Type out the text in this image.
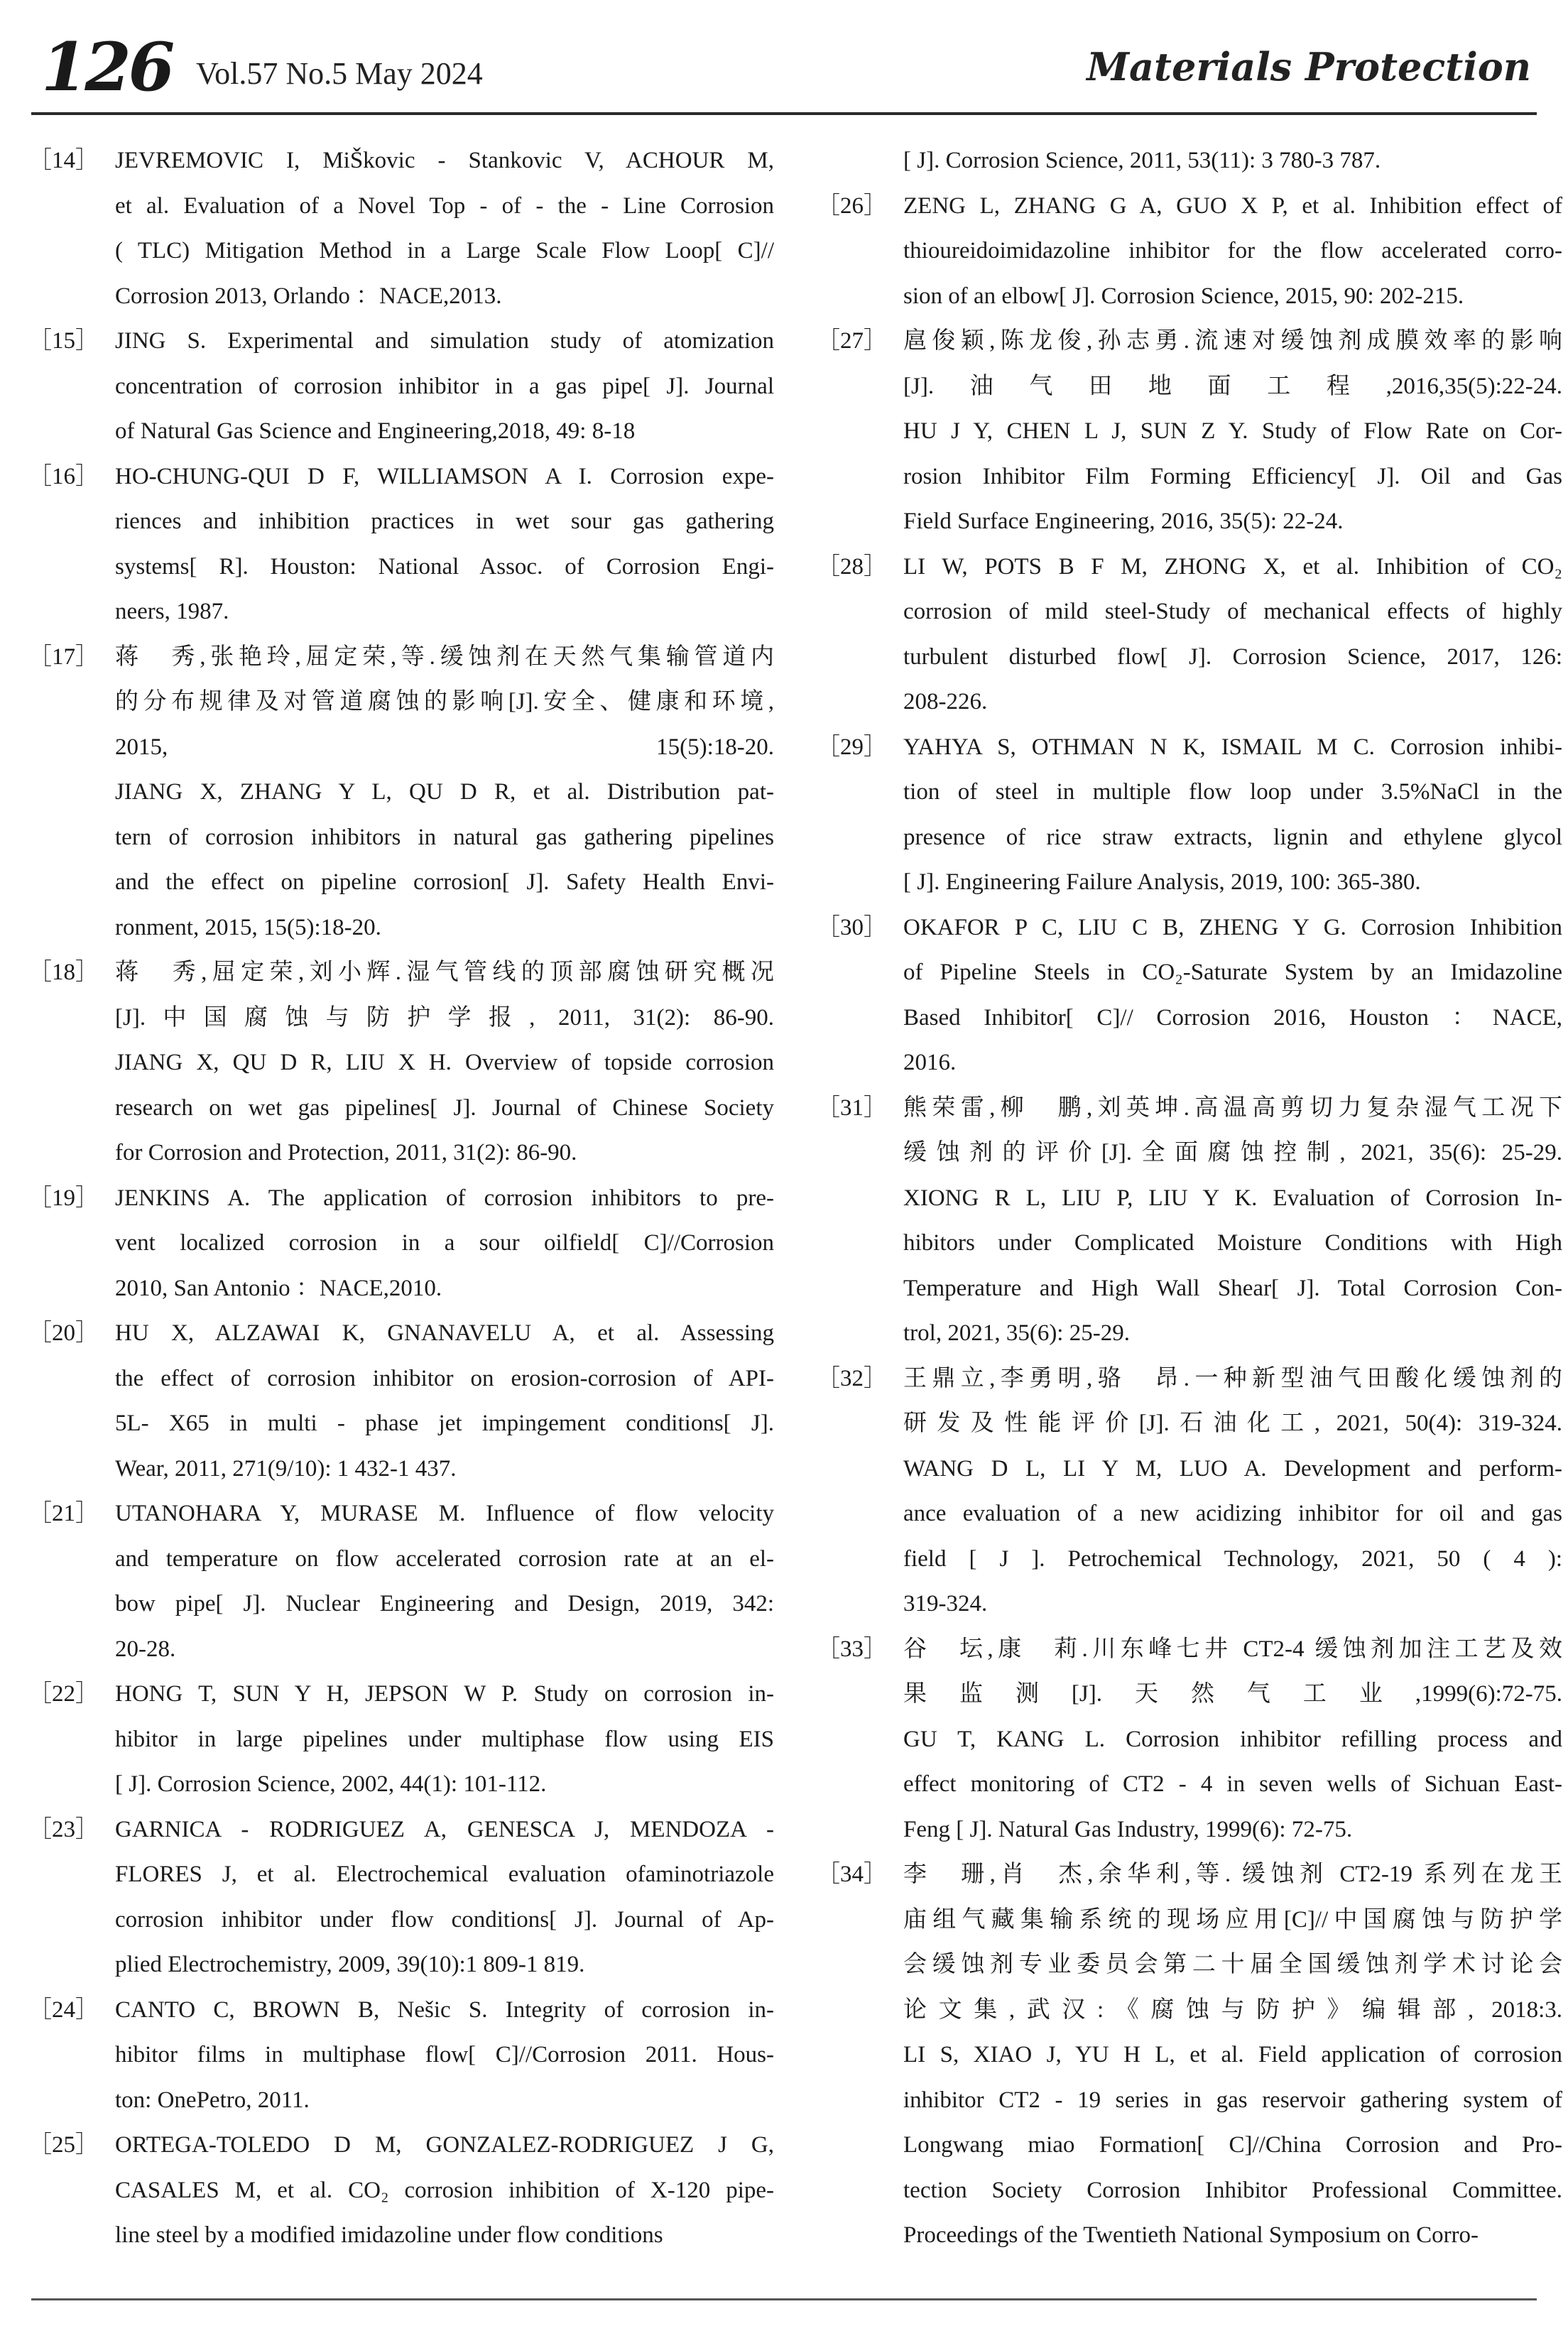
126 Vol.57 No.5 May 2024	Materials Protection
［14］ JEVREMOVIC I, MiŠkovic - Stankovic V, ACHOUR M,
et al. Evaluation of a Novel Top - of - the - Line Corrosion
( TLC) Mitigation Method in a Large Scale Flow Loop[ C]//
Corrosion 2013, Orlando ：NACE,2013.
［15］ JING S. Experimental and simulation study of atomization
concentration of corrosion inhibitor in a gas pipe[ J]. Journal
of Natural Gas Science and Engineering,2018, 49: 8-18
［16］ HO-CHUNG-QUI D F, WILLIAMSON A I. Corrosion expe-
riences and inhibition practices in wet sour gas gathering
systems[ R]. Houston: National Assoc. of Corrosion Engi-
neers, 1987.
［17］ 蒋　秀,张艳玲,屈定荣,等.缓蚀剂在天然气集输管道内
的分布规律及对管道腐蚀的影响[J].安全、健康和环境,
2015, 15(5):18-20.
JIANG X, ZHANG Y L, QU D R, et al. Distribution pat-
tern of corrosion inhibitors in natural gas gathering pipelines
and the effect on pipeline corrosion[ J]. Safety Health Envi-
ronment, 2015, 15(5):18-20.
［18］ 蒋　秀,屈定荣,刘小辉.湿气管线的顶部腐蚀研究概况
[J].中国腐蚀与防护学报, 2011, 31(2): 86-90.
JIANG X, QU D R, LIU X H. Overview of topside corrosion
research on wet gas pipelines[ J]. Journal of Chinese Society
for Corrosion and Protection, 2011, 31(2): 86-90.
［19］ JENKINS A. The application of corrosion inhibitors to pre-
vent localized corrosion in a sour oilfield[ C]//Corrosion
2010, San Antonio ：NACE,2010.
［20］ HU X, ALZAWAI K, GNANAVELU A, et al. Assessing
the effect of corrosion inhibitor on erosion-corrosion of API-
5L- X65 in multi - phase jet impingement conditions[ J].
Wear, 2011, 271(9/10): 1 432-1 437.
［21］ UTANOHARA Y, MURASE M. Influence of flow velocity
and temperature on flow accelerated corrosion rate at an el-
bow pipe[ J]. Nuclear Engineering and Design, 2019, 342:
20-28.
［22］ HONG T, SUN Y H, JEPSON W P. Study on corrosion in-
hibitor in large pipelines under multiphase flow using EIS
[ J]. Corrosion Science, 2002, 44(1): 101-112.
［23］ GARNICA - RODRIGUEZ A, GENESCA J, MENDOZA -
FLORES J, et al. Electrochemical evaluation ofaminotriazole
corrosion inhibitor under flow conditions[ J]. Journal of Ap-
plied Electrochemistry, 2009, 39(10):1 809-1 819.
［24］ CANTO C, BROWN B, Nešic S. Integrity of corrosion in-
hibitor films in multiphase flow[ C]//Corrosion 2011. Hous-
ton: OnePetro, 2011.
［25］ ORTEGA-TOLEDO D M, GONZALEZ-RODRIGUEZ J G,
CASALES M, et al. CO₂ corrosion inhibition of X-120 pipe-
line steel by a modified imidazoline under flow conditions
[ J]. Corrosion Science, 2011, 53(11): 3 780-3 787.
［26］ ZENG L, ZHANG G A, GUO X P, et al. Inhibition effect of
thioureidoimidazoline inhibitor for the flow accelerated corro-
sion of an elbow[ J]. Corrosion Science, 2015, 90: 202-215.
［27］ 扈俊颖,陈龙俊,孙志勇.流速对缓蚀剂成膜效率的影响
[J].油气田地面工程,2016,35(5):22-24.
HU J Y, CHEN L J, SUN Z Y. Study of Flow Rate on Cor-
rosion Inhibitor Film Forming Efficiency[ J]. Oil and Gas
Field Surface Engineering, 2016, 35(5): 22-24.
［28］ LI W, POTS B F M, ZHONG X, et al. Inhibition of CO₂
corrosion of mild steel-Study of mechanical effects of highly
turbulent disturbed flow[ J]. Corrosion Science, 2017, 126:
208-226.
［29］ YAHYA S, OTHMAN N K, ISMAIL M C. Corrosion inhibi-
tion of steel in multiple flow loop under 3.5%NaCl in the
presence of rice straw extracts, lignin and ethylene glycol
[ J]. Engineering Failure Analysis, 2019, 100: 365-380.
［30］ OKAFOR P C, LIU C B, ZHENG Y G. Corrosion Inhibition
of Pipeline Steels in CO₂-Saturate System by an Imidazoline
Based Inhibitor[ C]// Corrosion 2016, Houston ：NACE,
2016.
［31］ 熊荣雷,柳　鹏,刘英坤.高温高剪切力复杂湿气工况下
缓蚀剂的评价[J].全面腐蚀控制, 2021, 35(6): 25-29.
XIONG R L, LIU P, LIU Y K. Evaluation of Corrosion In-
hibitors under Complicated Moisture Conditions with High
Temperature and High Wall Shear[ J]. Total Corrosion Con-
trol, 2021, 35(6): 25-29.
［32］ 王鼎立,李勇明,骆　昂.一种新型油气田酸化缓蚀剂的
研发及性能评价[J].石油化工, 2021, 50(4): 319-324.
WANG D L, LI Y M, LUO A. Development and perform-
ance evaluation of a new acidizing inhibitor for oil and gas
field [ J ]. Petrochemical Technology, 2021, 50 ( 4 ):
319-324.
［33］ 谷　坛,康　莉.川东峰七井 CT2-4 缓蚀剂加注工艺及效
果监测[J].天然气工业,1999(6):72-75.
GU T, KANG L. Corrosion inhibitor refilling process and
effect monitoring of CT2 - 4 in seven wells of Sichuan East-
Feng [ J]. Natural Gas Industry, 1999(6): 72-75.
［34］ 李　珊,肖　杰,余华利,等. 缓蚀剂 CT2-19 系列在龙王
庙组气藏集输系统的现场应用[C]//中国腐蚀与防护学
会缓蚀剂专业委员会第二十届全国缓蚀剂学术讨论会
论文集,武汉:《腐蚀与防护》编辑部, 2018:3.
LI S, XIAO J, YU H L, et al. Field application of corrosion
inhibitor CT2 - 19 series in gas reservoir gathering system of
Longwang miao Formation[ C]//China Corrosion and Pro-
tection Society Corrosion Inhibitor Professional Committee.
Proceedings of the Twentieth National Symposium on Corro-
